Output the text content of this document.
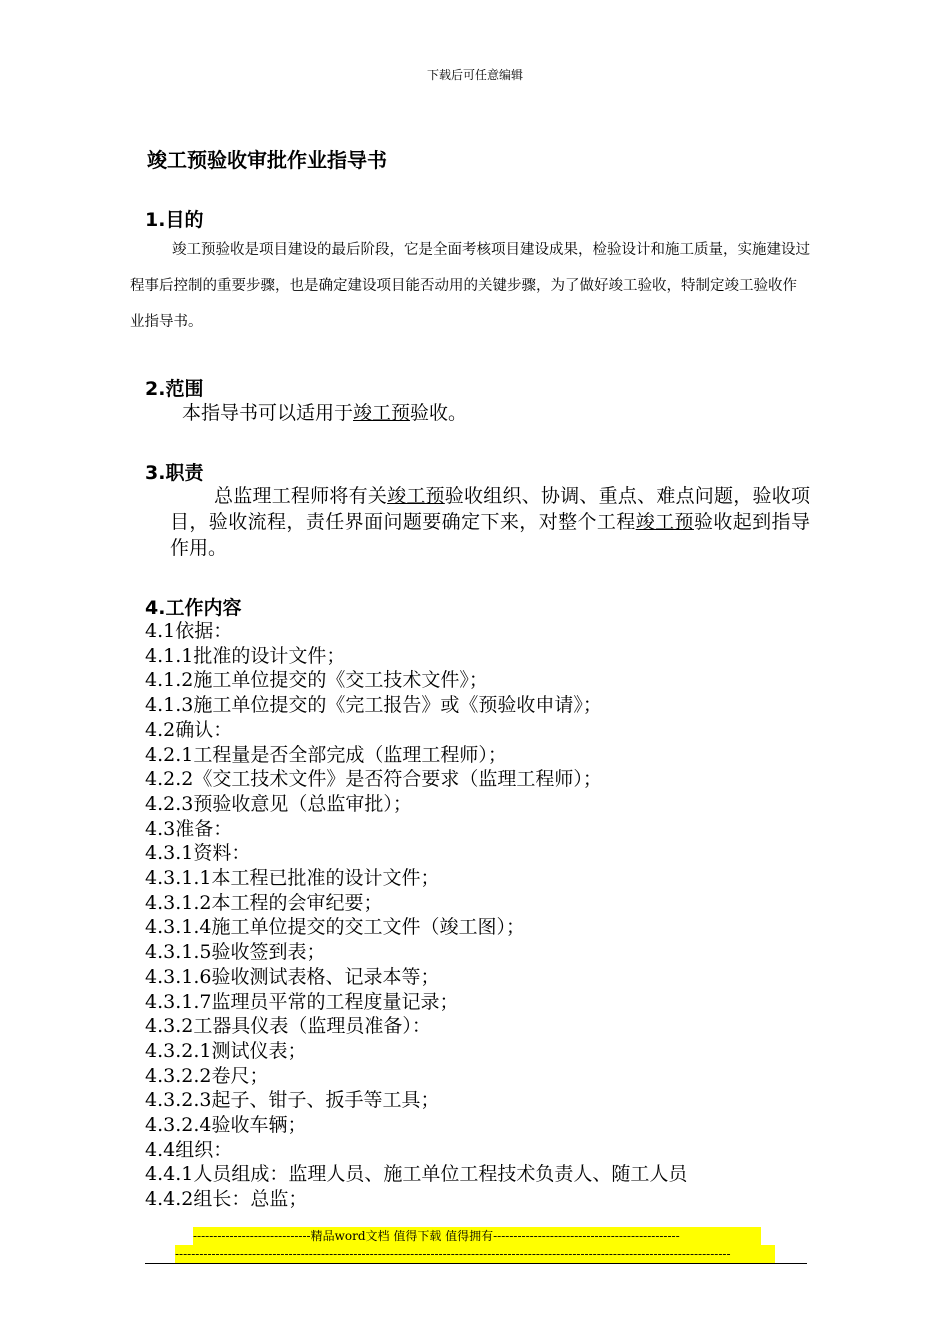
下载后可任意编辑
竣工预验收审批作业指导书
1.目的
竣工预验收是项目建设的最后阶段，它是全面考核项目建设成果，检验设计和施工质量，实施建设过程事后控制的重要步骤，也是确定建设项目能否动用的关键步骤，为了做好竣工验收，特制定竣工验收作业指导书。
2.范围
本指导书可以适用于竣工预验收。
3.职责
总监理工程师将有关竣工预验收组织、协调、重点、难点问题，验收项目，验收流程，责任界面问题要确定下来，对整个工程竣工预验收起到指导作用。
4.工作内容
4.1依据：
4.1.1批准的设计文件；
4.1.2施工单位提交的《交工技术文件》；
4.1.3施工单位提交的《完工报告》或《预验收申请》；
4.2确认：
4.2.1工程量是否全部完成（监理工程师）；
4.2.2《交工技术文件》是否符合要求（监理工程师）；
4.2.3预验收意见（总监审批）；
4.3准备：
4.3.1资料：
4.3.1.1本工程已批准的设计文件；
4.3.1.2本工程的会审纪要；
4.3.1.4施工单位提交的交工文件（竣工图）；
4.3.1.5验收签到表；
4.3.1.6验收测试表格、记录本等；
4.3.1.7监理员平常的工程度量记录；
4.3.2工器具仪表（监理员准备）：
4.3.2.1测试仪表；
4.3.2.2卷尺；
4.3.2.3起子、钳子、扳手等工具；
4.3.2.4验收车辆；
4.4组织：
4.4.1人员组成：监理人员、施工单位工程技术负责人、随工人员
4.4.2组长：总监；
-----------------------------精品word文档 值得下载 值得拥有----------------------------------------------
-----------------------------------------------------------------------------------------------------------------------------------------
